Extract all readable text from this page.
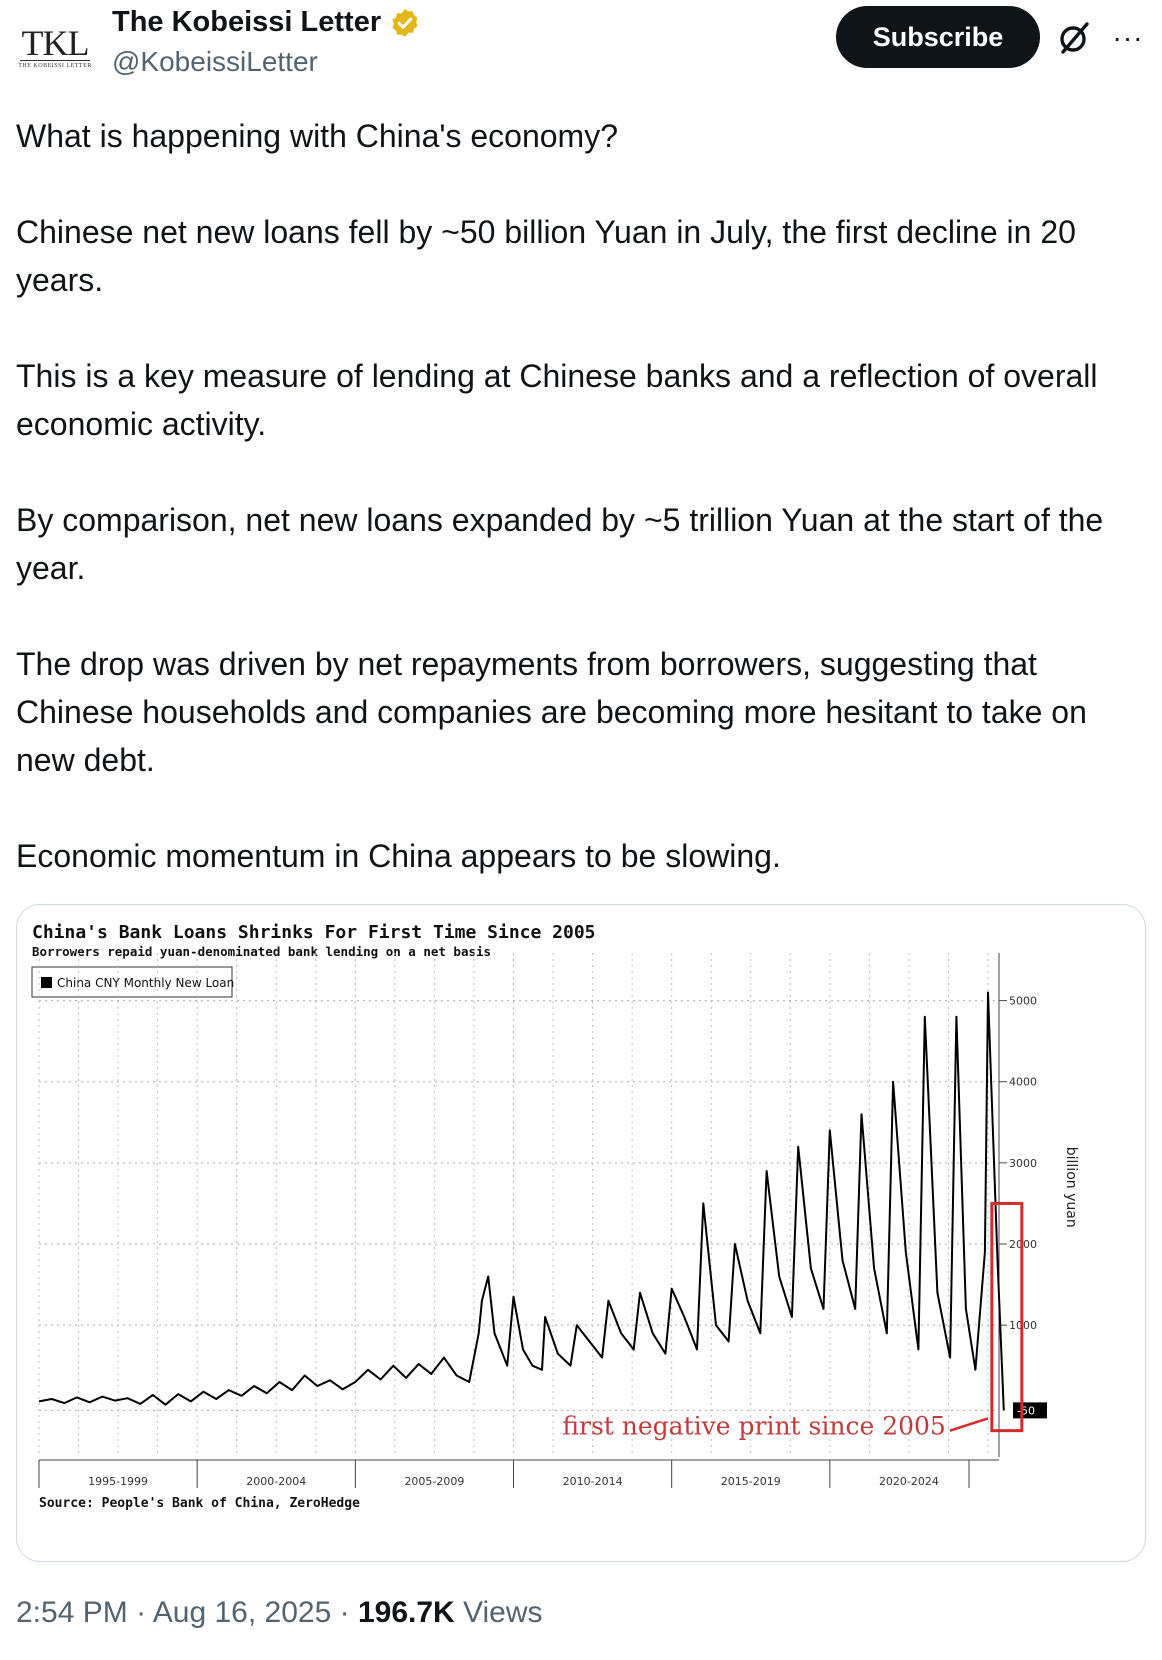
TKL
THE KOBEISSI LETTER
The Kobeissi Letter
@KobeissiLetter
Subscribe	···

What is happening with China's economy?

Chinese net new loans fell by ~50 billion Yuan in July, the first decline in 20 years.

This is a key measure of lending at Chinese banks and a reflection of overall economic activity.

By comparison, net new loans expanded by ~5 trillion Yuan at the start of the year.

The drop was driven by net repayments from borrowers, suggesting that Chinese households and companies are becoming more hesitant to take on new debt.

Economic momentum in China appears to be slowing.

China's Bank Loans Shrinks For First Time Since 2005
Borrowers repaid yuan-denominated bank lending on a net basis
China CNY Monthly New Loan
1995-1999	2000-2004	2005-2009	2010-2014	2015-2019	2020-2024
1000
2000
3000
4000
5000
-50
first negative print since 2005
Source: People's Bank of China, ZeroHedge
billion yuan
2:54 PM · Aug 16, 2025 · 196.7K Views
